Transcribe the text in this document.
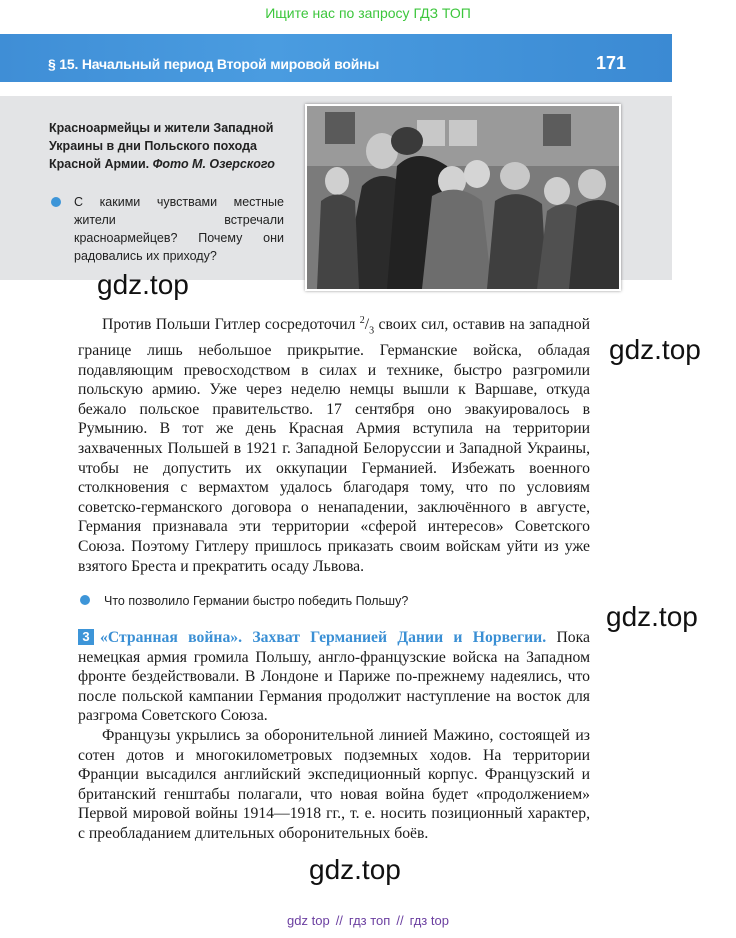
Ищите нас по запросу ГДЗ ТОП
§ 15. Начальный период Второй мировой войны	171
Красноармейцы и жители Западной Украины в дни Польского похода Красной Армии. Фото М. Озерского
С какими чувствами местные жители встречали красноармейцев? Почему они радовались их приходу?
gdz.top
gdz.top
gdz.top
gdz.top
Против Польши Гитлер сосредоточил $^2/_3$ своих сил, оставив на западной границе лишь небольшое прикрытие. Германские войска, обладая подавляющим превосходством в силах и технике, быстро разгромили польскую армию. Уже через неделю немцы вышли к Варшаве, откуда бежало польское правительство. 17 сентября оно эвакуировалось в Румынию. В тот же день Красная Армия вступила на территории захваченных Польшей в 1921 г. Западной Белоруссии и Западной Украины, чтобы не допустить их оккупации Германией. Избежать военного столкновения с вермахтом удалось благодаря тому, что по условиям советско-германского договора о ненападении, заключённого в августе, Германия признавала эти территории «сферой интересов» Советского Союза. Поэтому Гитлеру пришлось приказать своим войскам уйти из уже взятого Бреста и прекратить осаду Львова.
Что позволило Германии быстро победить Польшу?
3 «Странная война». Захват Германией Дании и Норвегии. Пока немецкая армия громила Польшу, англо-французские войска на Западном фронте бездействовали. В Лондоне и Париже по-прежнему надеялись, что после польской кампании Германия продолжит наступление на восток для разгрома Советского Союза.
Французы укрылись за оборонительной линией Мажино, состоящей из сотен дотов и многокилометровых подземных ходов. На территории Франции высадился английский экспедиционный корпус. Французский и британский генштабы полагали, что новая война будет «продолжением» Первой мировой войны 1914—1918 гг., т. е. носить позиционный характер, с преобладанием длительных оборонительных боёв.
gdz top // гдз топ // гдз top
